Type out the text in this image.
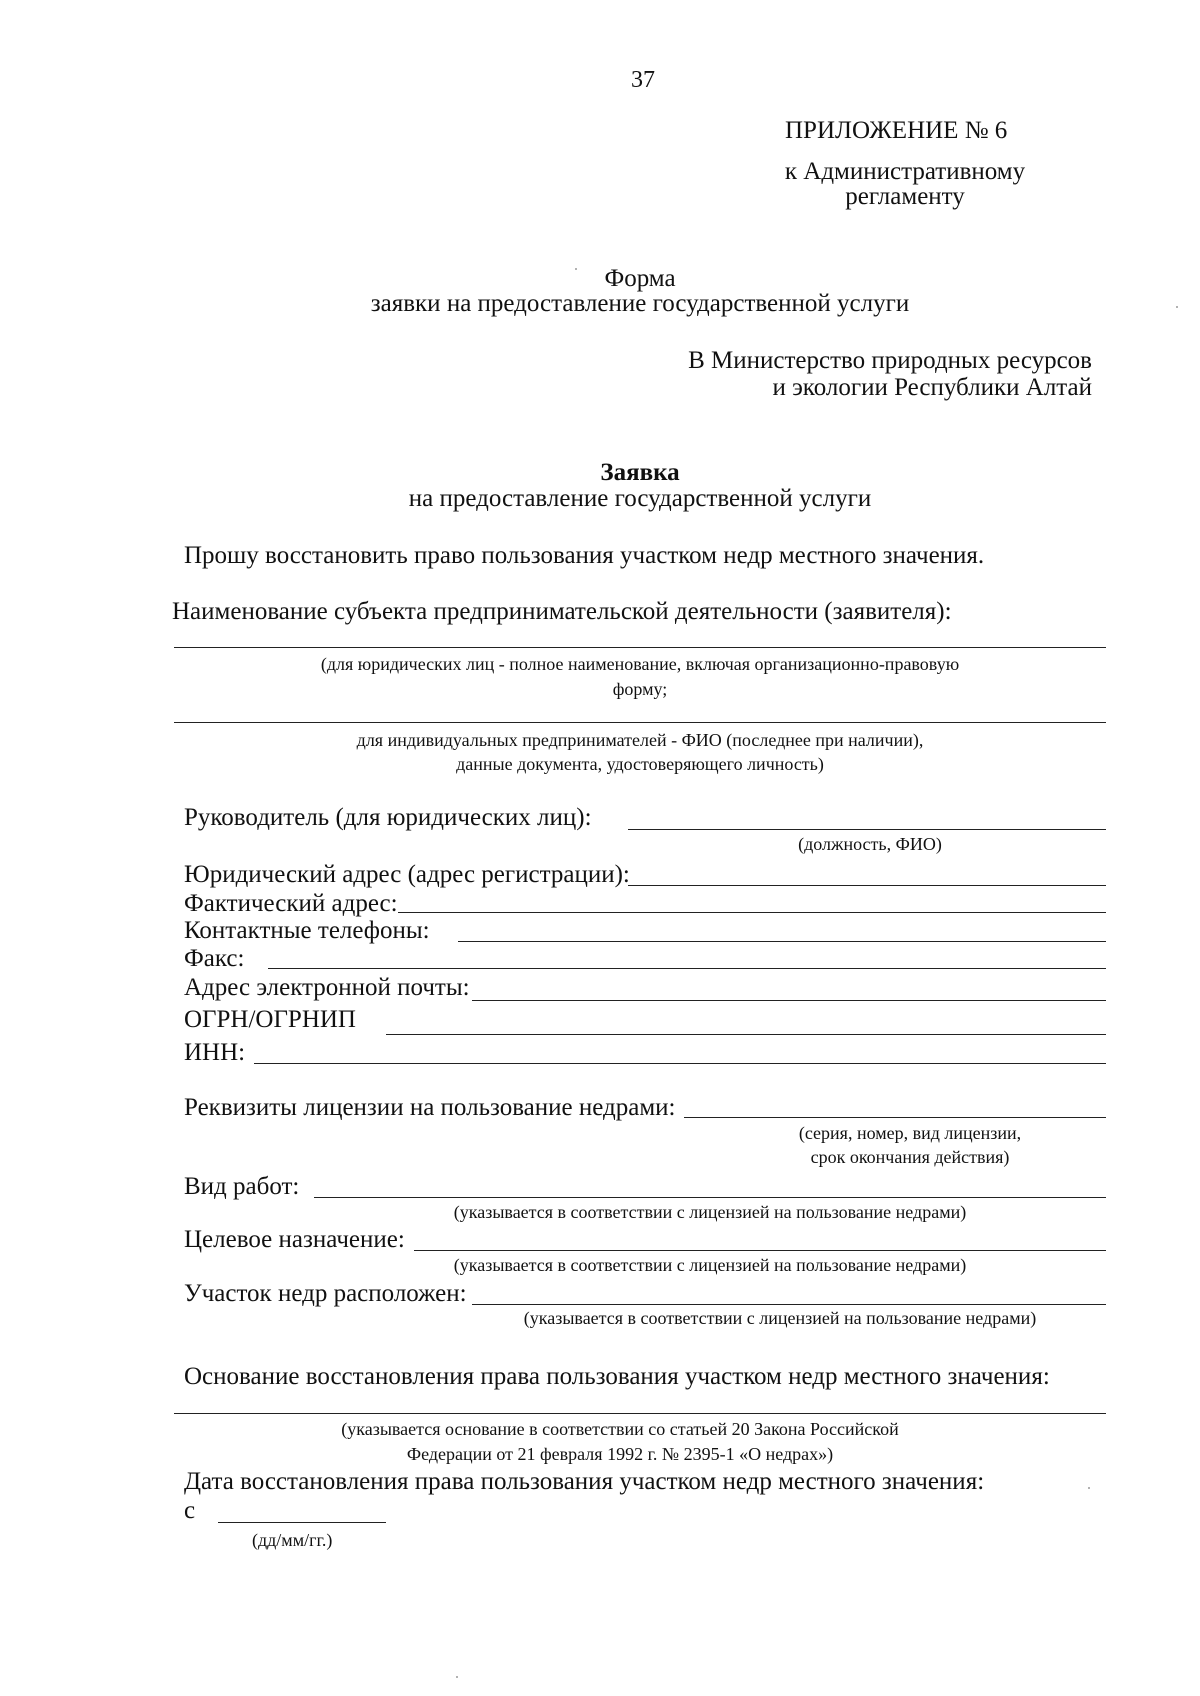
37
ПРИЛОЖЕНИЕ № 6
к Административному
регламенту
Форма
заявки на предоставление государственной услуги
В Министерство природных ресурсов
и экологии Республики Алтай
Заявка
на предоставление государственной услуги
Прошу восстановить право пользования участком недр местного значения.
Наименование субъекта предпринимательской деятельности (заявителя):
(для юридических лиц - полное наименование, включая организационно-правовую
форму;
для индивидуальных предпринимателей - ФИО (последнее при наличии),
данные документа, удостоверяющего личность)
Руководитель (для юридических лиц):
(должность, ФИО)
Юридический адрес (адрес регистрации):
Фактический адрес:
Контактные телефоны:
Факс:
Адрес электронной почты:
ОГРН/ОГРНИП
ИНН:
Реквизиты лицензии на пользование недрами:
(серия, номер, вид лицензии,
срок окончания действия)
Вид работ:
(указывается в соответствии с лицензией на пользование недрами)
Целевое назначение:
(указывается в соответствии с лицензией на пользование недрами)
Участок недр расположен:
(указывается в соответствии с лицензией на пользование недрами)
Основание восстановления права пользования участком недр местного значения:
(указывается основание в соответствии со статьей 20 Закона Российской
Федерации от 21 февраля 1992 г. № 2395-1 «О недрах»)
Дата восстановления права пользования участком недр местного значения:
с
(дд/мм/гг.)
